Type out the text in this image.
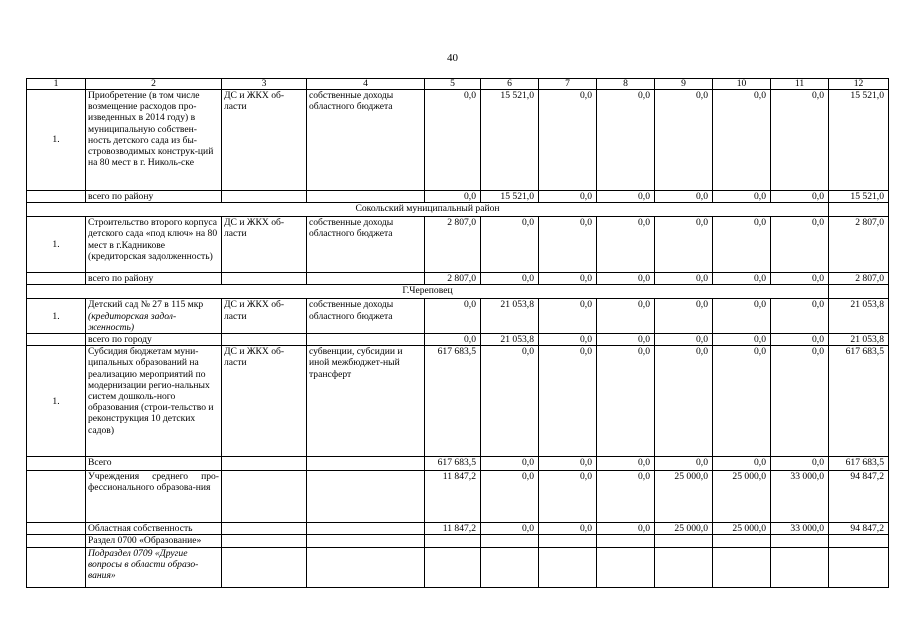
40
1	2	3	4	5	6	7	8	9	10	11	12
1.	Приобретение (в том числе возмещение расходов про-изведенных в 2014 году) в муниципальную собствен-ность детского сада из бы-стровозводимых конструк-ций на 80 мест в г. Николь-ске	ДС и ЖКХ об-ласти	собственные доходы областного бюджета	0,0	15 521,0	0,0	0,0	0,0	0,0	0,0	15 521,0
	всего по району			0,0	15 521,0	0,0	0,0	0,0	0,0	0,0	15 521,0
Сокольский муниципальный район											
1.	Строительство второго корпуса детского сада «под ключ» на 80 мест в г.Кадникове (кредиторская задолженность)	ДС и ЖКХ об-ласти	собственные доходы областного бюджета	2 807,0	0,0	0,0	0,0	0,0	0,0	0,0	2 807,0
	всего по району			2 807,0	0,0	0,0	0,0	0,0	0,0	0,0	2 807,0
Г.Череповец											
1.	Детский сад № 27 в 115 мкр (кредиторская задол-женность)	ДС и ЖКХ об-ласти	собственные доходы областного бюджета	0,0	21 053,8	0,0	0,0	0,0	0,0	0,0	21 053,8
	всего по городу			0,0	21 053,8	0,0	0,0	0,0	0,0	0,0	21 053,8
1.	Субсидия бюджетам муни-ципальных образований на реализацию мероприятий по модернизации регио-нальных систем дошколь-ного образования (строи-тельство и реконструкция 10 детских садов)	ДС и ЖКХ об-ласти	субвенции, субсидии и иной межбюджет-ный трансферт	617 683,5	0,0	0,0	0,0	0,0	0,0	0,0	617 683,5
	Всего			617 683,5	0,0	0,0	0,0	0,0	0,0	0,0	617 683,5
	Учреждения среднего про-фессионального образова-ния			11 847,2	0,0	0,0	0,0	25 000,0	25 000,0	33 000,0	94 847,2
	Областная собственность			11 847,2	0,0	0,0	0,0	25 000,0	25 000,0	33 000,0	94 847,2
	Раздел 0700 «Образование»										
	Подраздел 0709 «Другие вопросы в области образо-вания»										
